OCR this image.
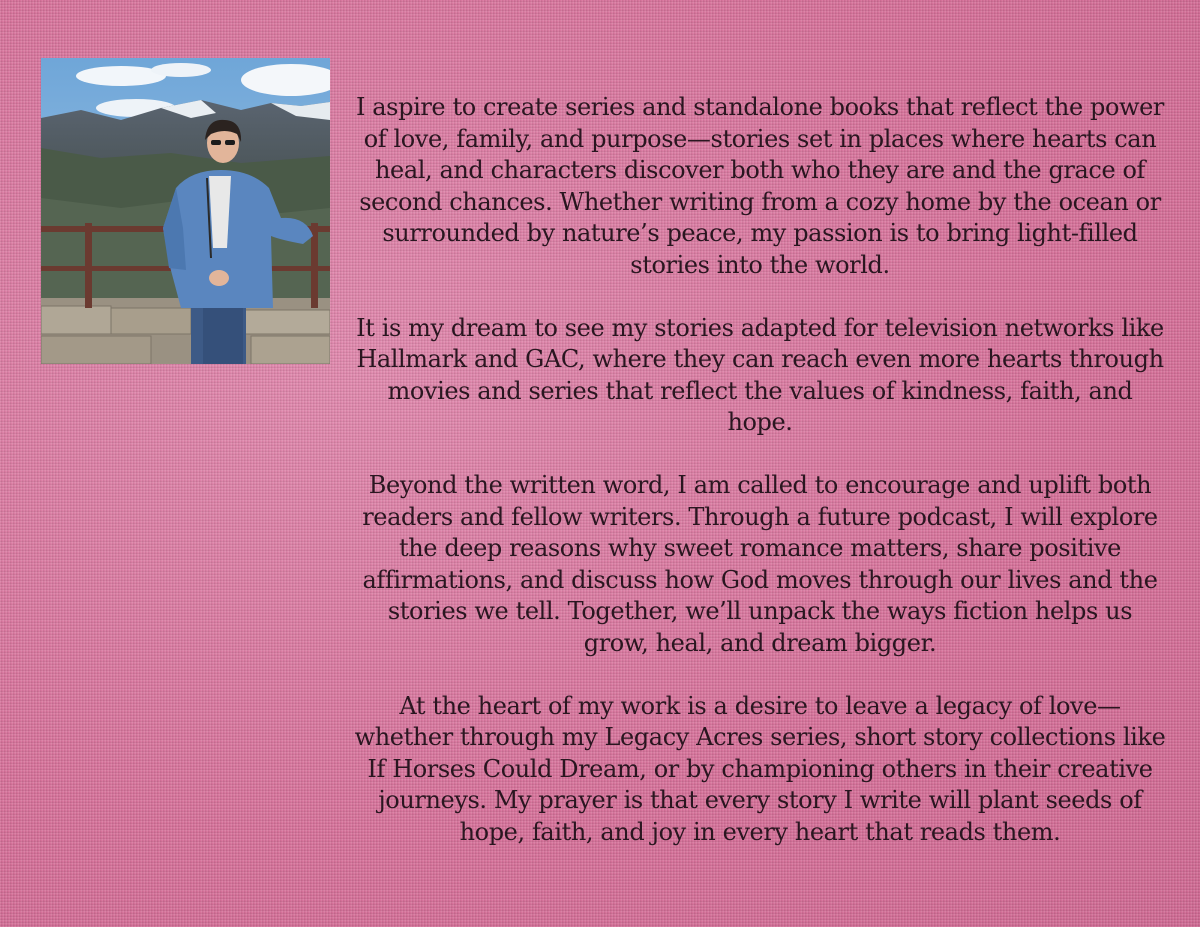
I aspire to create series and standalone books that reflect the power of love, family, and purpose—stories set in places where hearts can heal, and characters discover both who they are and the grace of second chances. Whether writing from a cozy home by the ocean or surrounded by nature’s peace, my passion is to bring light-filled stories into the world.

It is my dream to see my stories adapted for television networks like Hallmark and GAC, where they can reach even more hearts through movies and series that reflect the values of kindness, faith, and hope.

Beyond the written word, I am called to encourage and uplift both readers and fellow writers. Through a future podcast, I will explore the deep reasons why sweet romance matters, share positive affirmations, and discuss how God moves through our lives and the stories we tell. Together, we’ll unpack the ways fiction helps us grow, heal, and dream bigger.

At the heart of my work is a desire to leave a legacy of love—whether through my Legacy Acres series, short story collections like If Horses Could Dream, or by championing others in their creative journeys. My prayer is that every story I write will plant seeds of hope, faith, and joy in every heart that reads them.
